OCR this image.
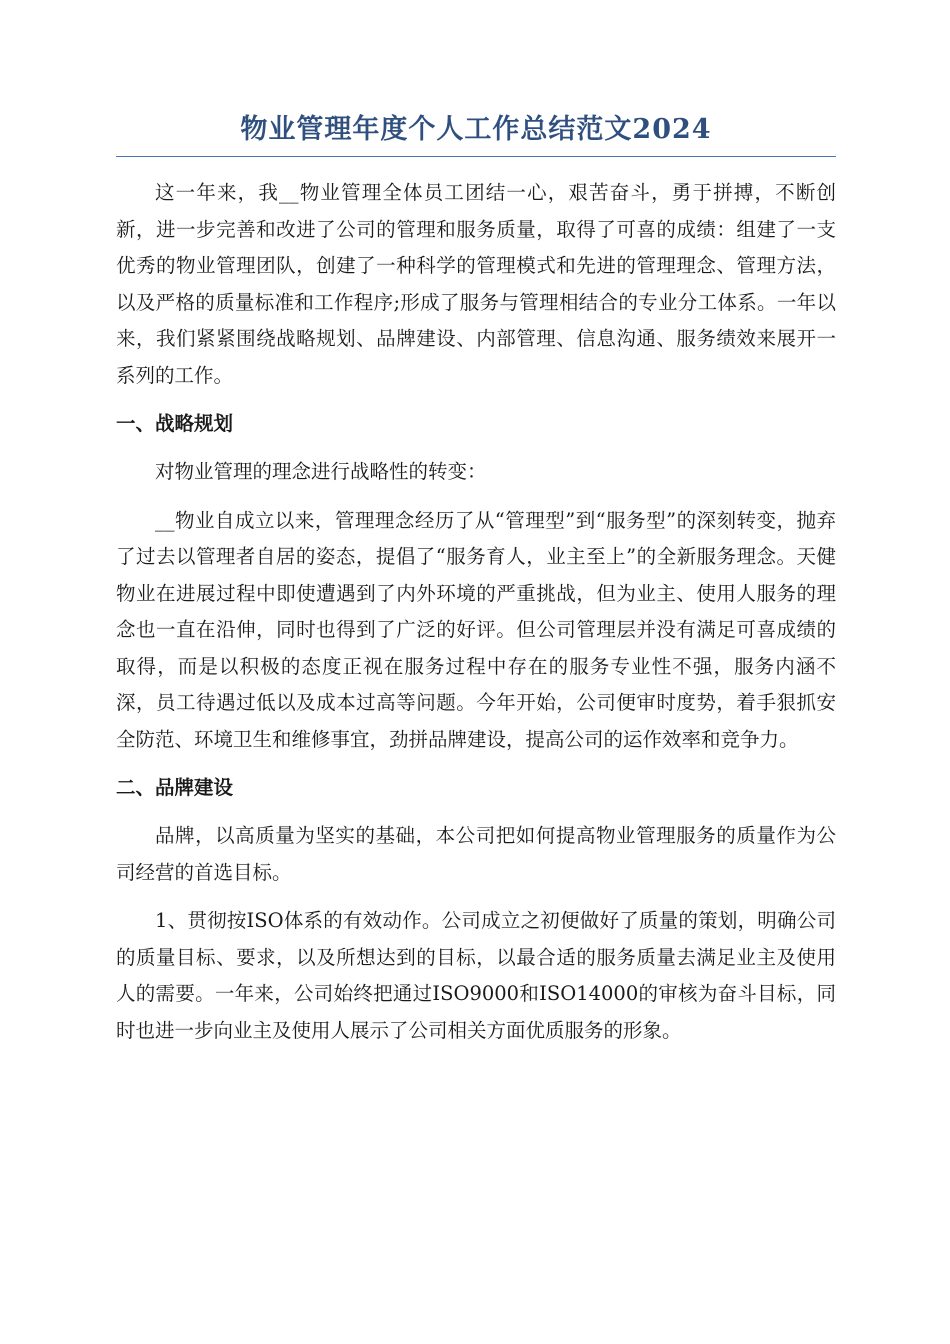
物业管理年度个人工作总结范文2024

这一年来，我__物业管理全体员工团结一心，艰苦奋斗，勇于拼搏，不断创新，进一步完善和改进了公司的管理和服务质量，取得了可喜的成绩：组建了一支优秀的物业管理团队，创建了一种科学的管理模式和先进的管理理念、管理方法，以及严格的质量标准和工作程序;形成了服务与管理相结合的专业分工体系。一年以来，我们紧紧围绕战略规划、品牌建设、内部管理、信息沟通、服务绩效来展开一系列的工作。

一、战略规划

对物业管理的理念进行战略性的转变：

__物业自成立以来，管理理念经历了从“管理型”到“服务型”的深刻转变，抛弃了过去以管理者自居的姿态，提倡了“服务育人，业主至上”的全新服务理念。天健物业在进展过程中即使遭遇到了内外环境的严重挑战，但为业主、使用人服务的理念也一直在沿伸，同时也得到了广泛的好评。但公司管理层并没有满足可喜成绩的取得，而是以积极的态度正视在服务过程中存在的服务专业性不强，服务内涵不深，员工待遇过低以及成本过高等问题。今年开始，公司便审时度势，着手狠抓安全防范、环境卫生和维修事宜，劲拼品牌建设，提高公司的运作效率和竞争力。

二、品牌建设

品牌，以高质量为坚实的基础，本公司把如何提高物业管理服务的质量作为公司经营的首选目标。

1、贯彻按ISO体系的有效动作。公司成立之初便做好了质量的策划，明确公司的质量目标、要求，以及所想达到的目标，以最合适的服务质量去满足业主及使用人的需要。一年来，公司始终把通过ISO9000和ISO14000的审核为奋斗目标，同时也进一步向业主及使用人展示了公司相关方面优质服务的形象。
